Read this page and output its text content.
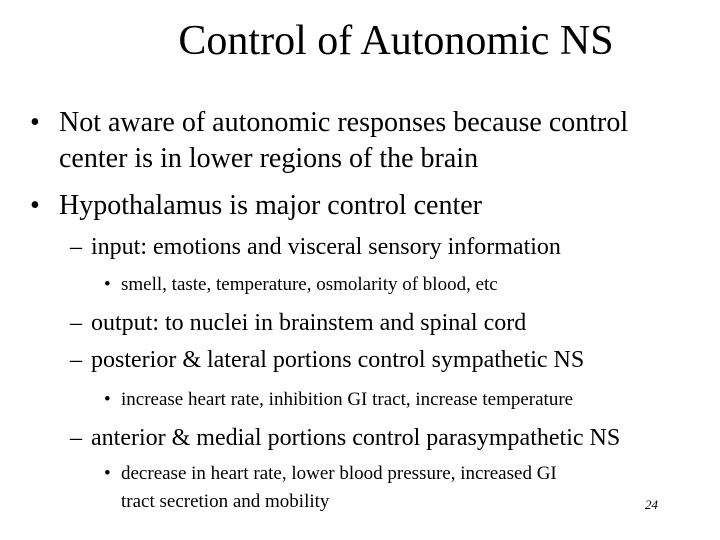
Control of Autonomic NS
• Not aware of autonomic responses because control
center is in lower regions of the brain
• Hypothalamus is major control center
– input: emotions and visceral sensory information
• smell, taste, temperature, osmolarity of blood, etc
– output: to nuclei in brainstem and spinal cord
– posterior & lateral portions control sympathetic NS
• increase heart rate, inhibition GI tract, increase temperature
– anterior & medial portions control parasympathetic NS
• decrease in heart rate, lower blood pressure, increased GI
tract secretion and mobility	24
